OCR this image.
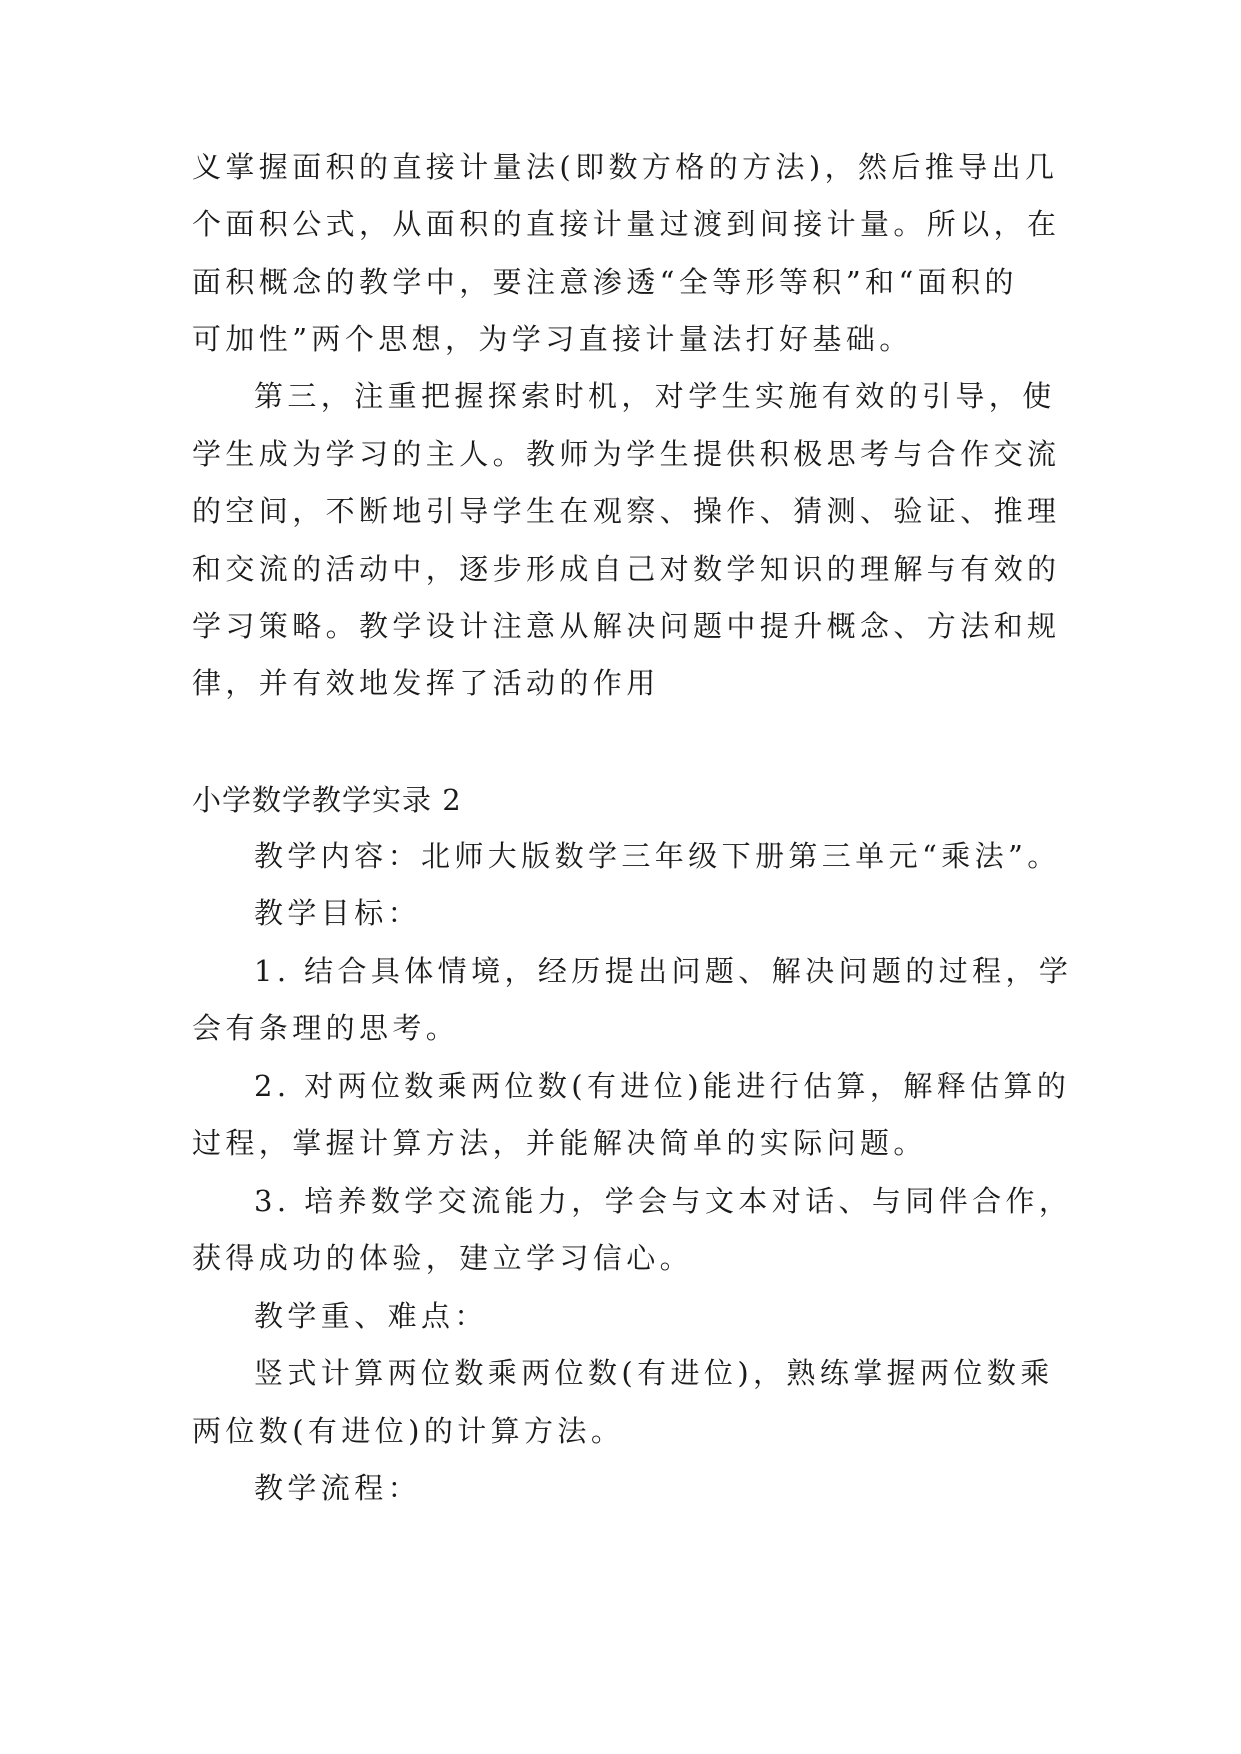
义掌握面积的直接计量法(即数方格的方法)，然后推导出几
个面积公式，从面积的直接计量过渡到间接计量。所以，在
面积概念的教学中，要注意渗透“全等形等积”和“面积的
可加性”两个思想，为学习直接计量法打好基础。
第三，注重把握探索时机，对学生实施有效的引导，使
学生成为学习的主人。教师为学生提供积极思考与合作交流
的空间，不断地引导学生在观察、操作、猜测、验证、推理
和交流的活动中，逐步形成自己对数学知识的理解与有效的
学习策略。教学设计注意从解决问题中提升概念、方法和规
律，并有效地发挥了活动的作用
小学数学教学实录 2
教学内容：北师大版数学三年级下册第三单元“乘法”。
教学目标：
1. 结合具体情境，经历提出问题、解决问题的过程，学
会有条理的思考。
2. 对两位数乘两位数(有进位)能进行估算，解释估算的
过程，掌握计算方法，并能解决简单的实际问题。
3. 培养数学交流能力，学会与文本对话、与同伴合作，
获得成功的体验，建立学习信心。
教学重、难点：
竖式计算两位数乘两位数(有进位)，熟练掌握两位数乘
两位数(有进位)的计算方法。
教学流程：
